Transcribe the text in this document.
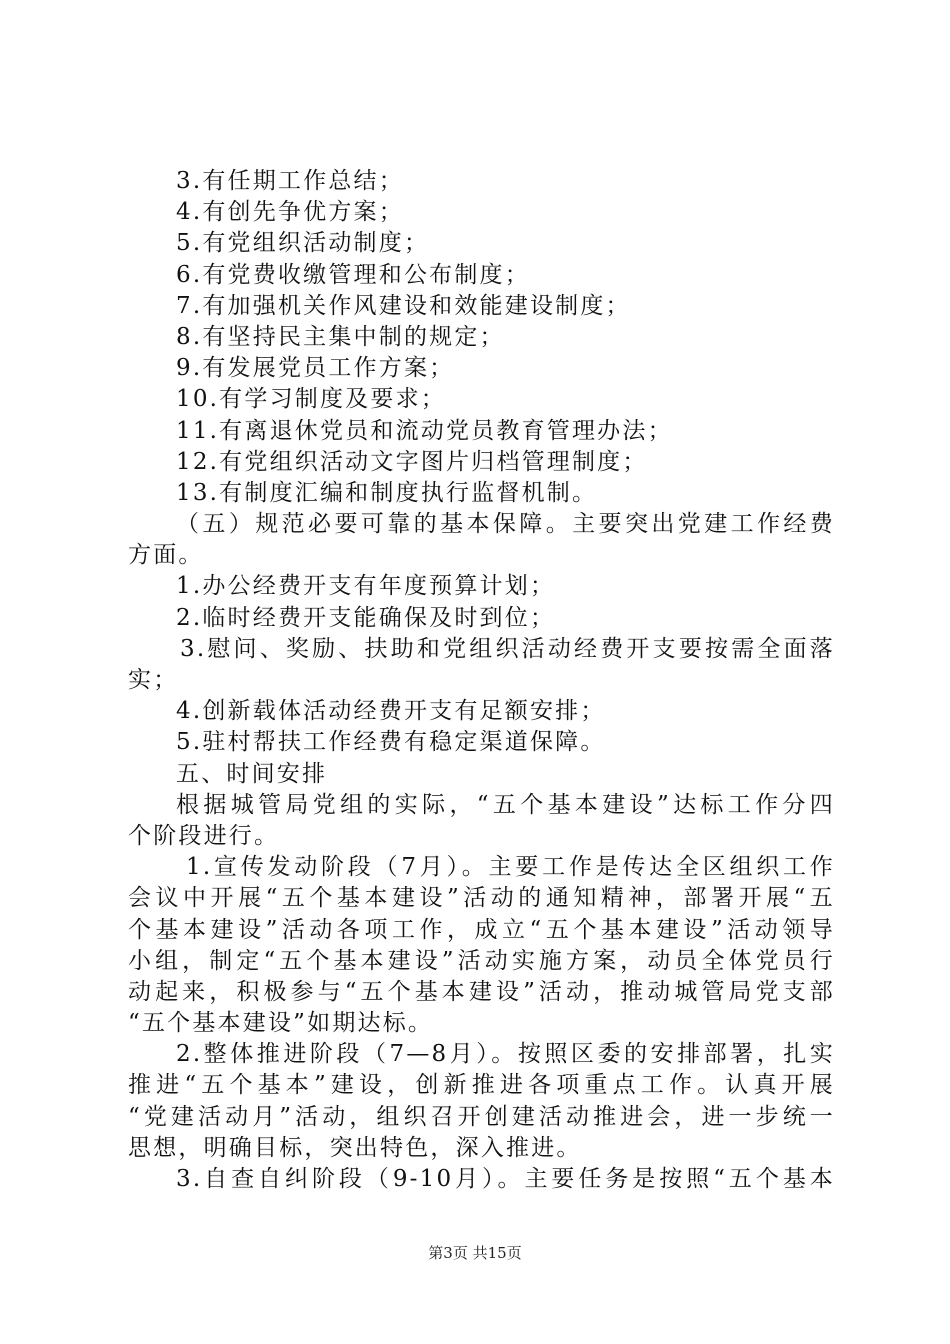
3.有任期工作总结；
4.有创先争优方案；
5.有党组织活动制度；
6.有党费收缴管理和公布制度；
7.有加强机关作风建设和效能建设制度；
8.有坚持民主集中制的规定；
9.有发展党员工作方案；
10.有学习制度及要求；
11.有离退休党员和流动党员教育管理办法；
12.有党组织活动文字图片归档管理制度；
13.有制度汇编和制度执行监督机制。
（五）规范必要可靠的基本保障。主要突出党建工作经费
方面。
1.办公经费开支有年度预算计划；
2.临时经费开支能确保及时到位；
3.慰问、奖励、扶助和党组织活动经费开支要按需全面落
实；
4.创新载体活动经费开支有足额安排；
5.驻村帮扶工作经费有稳定渠道保障。
五、时间安排
根据城管局党组的实际，“五个基本建设”达标工作分四
个阶段进行。
1.宣传发动阶段（7月）。主要工作是传达全区组织工作
会议中开展“五个基本建设”活动的通知精神，部署开展“五
个基本建设”活动各项工作，成立“五个基本建设”活动领导
小组，制定“五个基本建设”活动实施方案，动员全体党员行
动起来，积极参与“五个基本建设”活动，推动城管局党支部
“五个基本建设”如期达标。
2.整体推进阶段（7—8月）。按照区委的安排部署，扎实
推进“五个基本”建设，创新推进各项重点工作。认真开展
“党建活动月”活动，组织召开创建活动推进会，进一步统一
思想，明确目标，突出特色，深入推进。
3.自查自纠阶段（9-10月）。主要任务是按照“五个基本
第3页 共15页
